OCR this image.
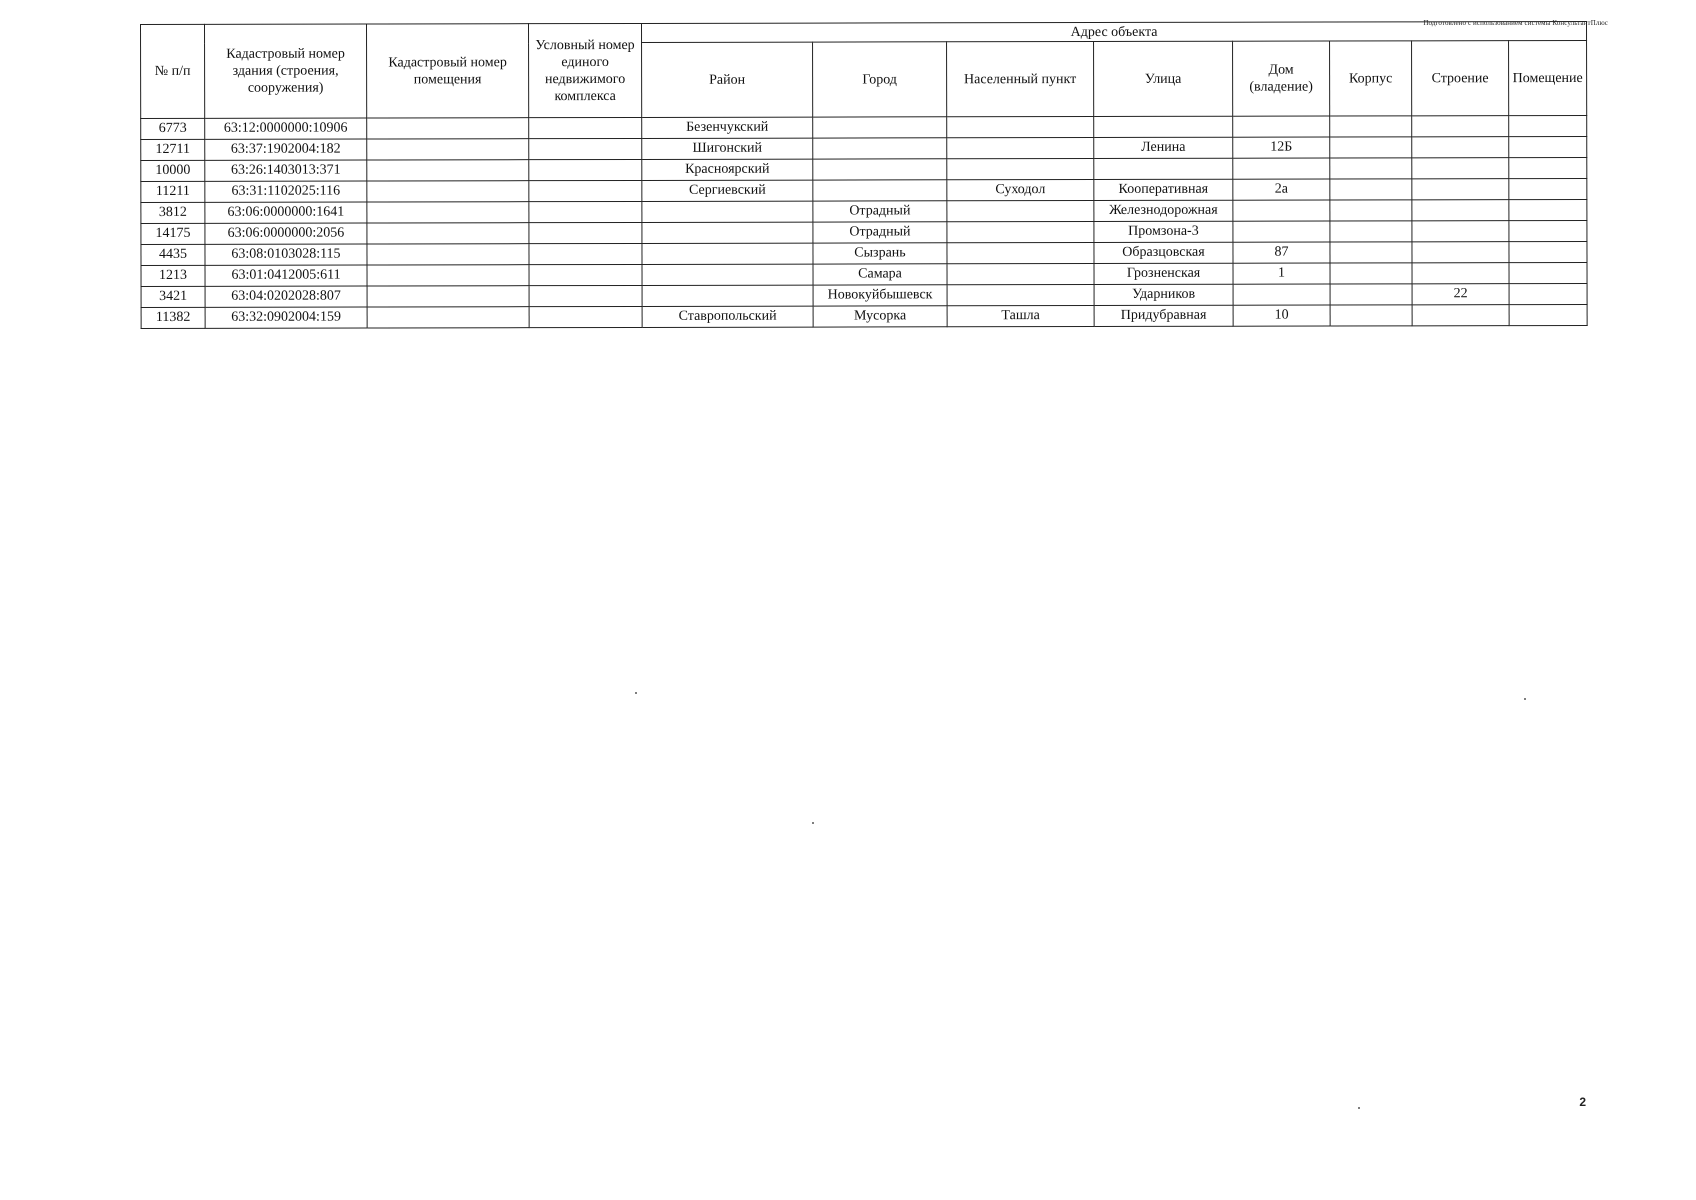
Подготовлено с использованием системы КонсультантПлюс
№ п/п	Кадастровый номер здания (строения, сооружения)	Кадастровый номер помещения	Условный номер единого недвижимого комплекса	Адрес объекта							
				Район	Город	Населенный пункт	Улица	Дом (владение)	Корпус	Строение	Помещение
6773	63:12:0000000:10906			Безенчукский							
12711	63:37:1902004:182			Шигонский			Ленина	12Б			
10000	63:26:1403013:371			Красноярский							
11211	63:31:1102025:116			Сергиевский		Суходол	Кооперативная	2а			
3812	63:06:0000000:1641				Отрадный		Железнодорожная				
14175	63:06:0000000:2056				Отрадный		Промзона-3				
4435	63:08:0103028:115				Сызрань		Образцовская	87			
1213	63:01:0412005:611				Самара		Грозненская	1			
3421	63:04:0202028:807				Новокуйбышевск		Ударников			22	
11382	63:32:0902004:159			Ставропольский	Мусорка	Ташла	Придубравная	10			
2
